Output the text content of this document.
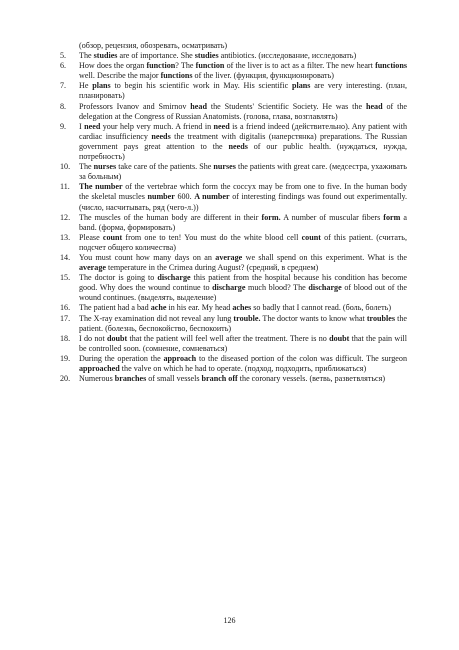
(обзор, рецензия, обозревать, осматривать)
5. The studies are of importance. She studies antibiotics. (исследование, исследовать)

6. How does the organ function? The function of the liver is to act as a filter. The new heart functions well. Describe the major functions of the liver. (функция, функционировать)

7. He plans to begin his scientific work in May. His scientific plans are very interesting. (план, планировать)

8. Professors Ivanov and Smirnov head the Students' Scientific Society. He was the head of the delegation at the Congress of Russian Anatomists. (голова, глава, возглавлять)

9. I need your help very much. A friend in need is a friend indeed (действительно). Any patient with cardiac insufficiency needs the treatment with digitalis (наперстянка) preparations. The Russian government pays great attention to the needs of our public health. (нуждаться, нужда, потребность)

10. The nurses take care of the patients. She nurses the patients with great care. (медсестра, ухаживать за больным)

11. The number of the vertebrae which form the coccyx may be from one to five. In the human body the skeletal muscles number 600. A number of interesting findings was found out experimentally. (число, насчитывать, ряд (чего-л.))

12. The muscles of the human body are different in their form. A number of muscular fibers form a band. (форма, формировать)

13. Please count from one to ten! You must do the white blood cell count of this patient. (считать, подсчет общего количества)

14. You must count how many days on an average we shall spend on this experiment. What is the average temperature in the Crimea during August? (средний, в среднем)

15. The doctor is going to discharge this patient from the hospital because his condition has become good. Why does the wound continue to discharge much blood? The discharge of blood out of the wound continues. (выделять, выделение)

16. The patient had a bad ache in his ear. My head aches so badly that I cannot read. (боль, болеть)

17. The X-ray examination did not reveal any lung trouble. The doctor wants to know what troubles the patient. (болезнь, беспокойство, беспокоить)

18. I do not doubt that the patient will feel well after the treatment. There is no doubt that the pain will be controlled soon. (сомнение, сомневаться)

19. During the operation the approach to the diseased portion of the colon was difficult. The surgeon approached the valve on which he had to operate. (подход, подходить, приближаться)

20. Numerous branches of small vessels branch off the coronary vessels. (ветвь, разветвляться)

126
